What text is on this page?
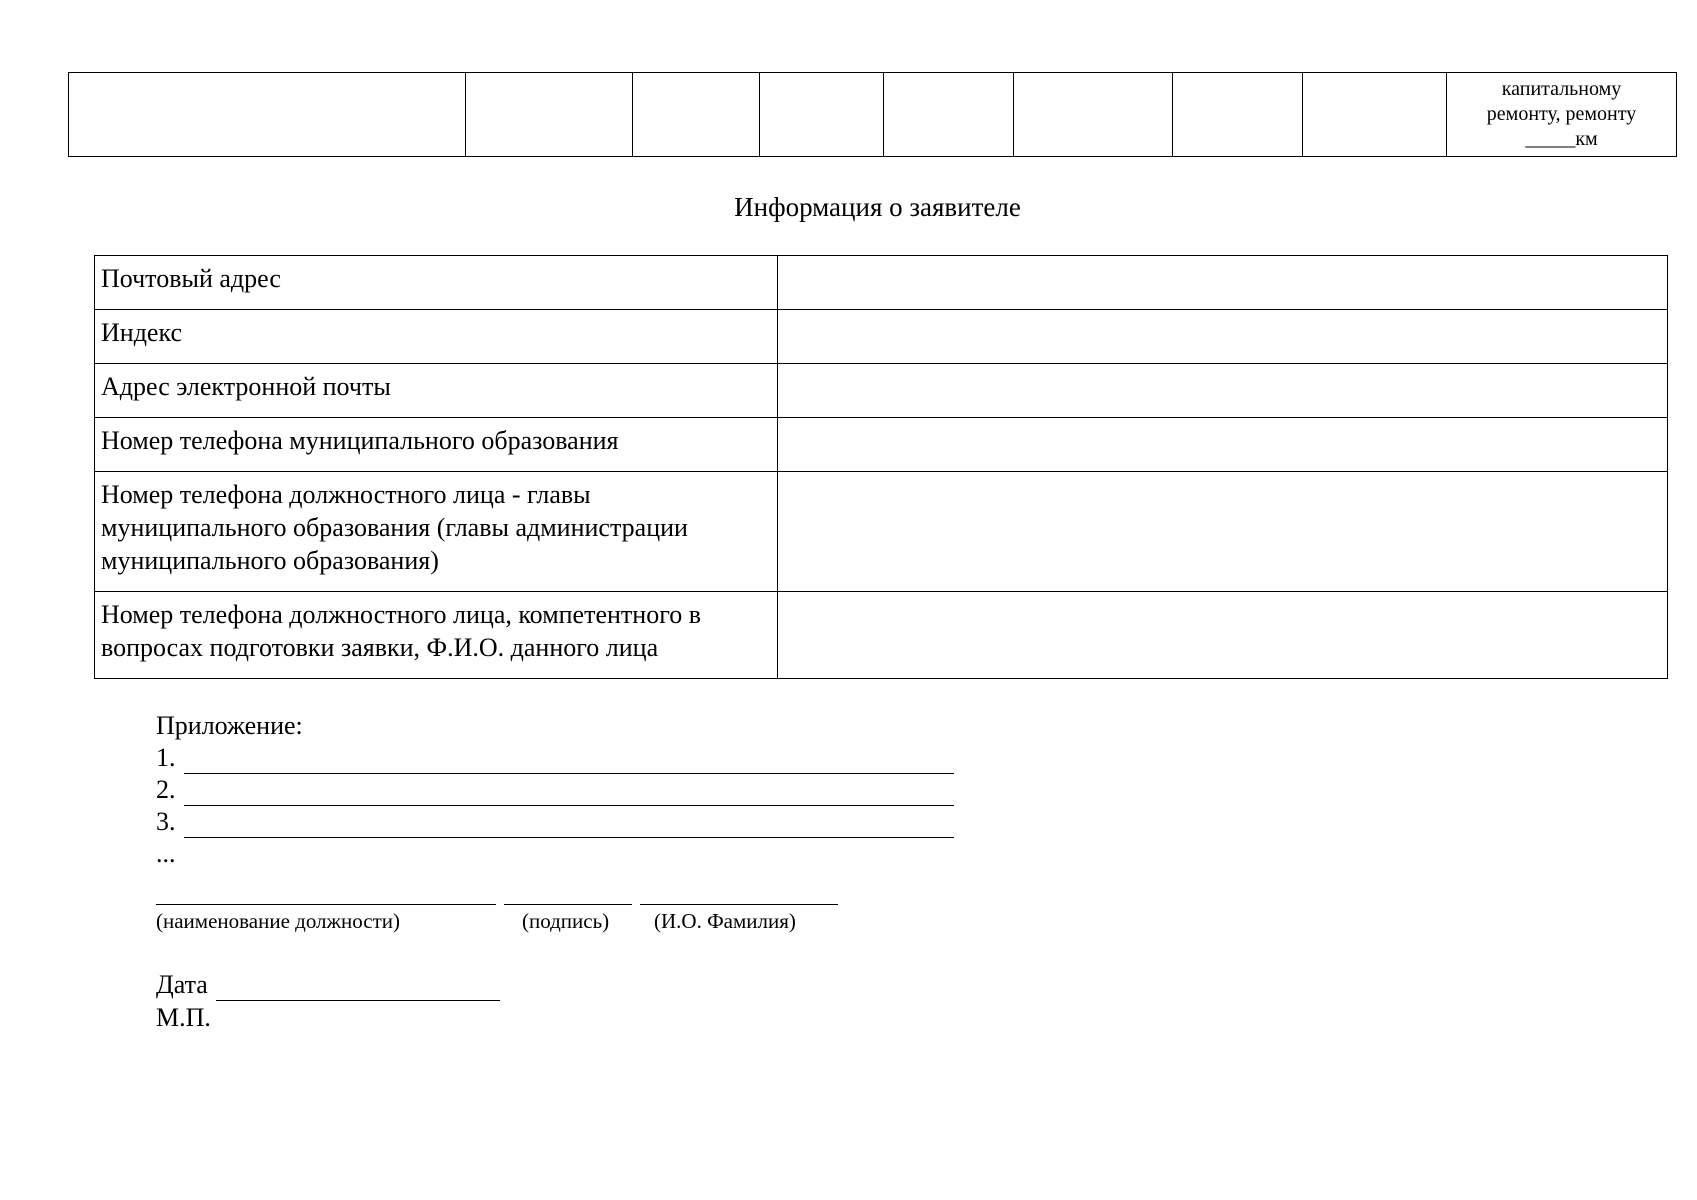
								капитальному
ремонту, ремонту
_____км
Информация о заявителе
Почтовый адрес	
Индекс	
Адрес электронной почты	
Номер телефона муниципального образования	
Номер телефона должностного лица - главы муниципального образования (главы администрации муниципального образования)	
Номер телефона должностного лица, компетентного в вопросах подготовки заявки, Ф.И.О. данного лица	
Приложение:
1.
2.
3.
...
(наименование должности)	(подпись) (И.О. Фамилия)
Дата
М.П.
